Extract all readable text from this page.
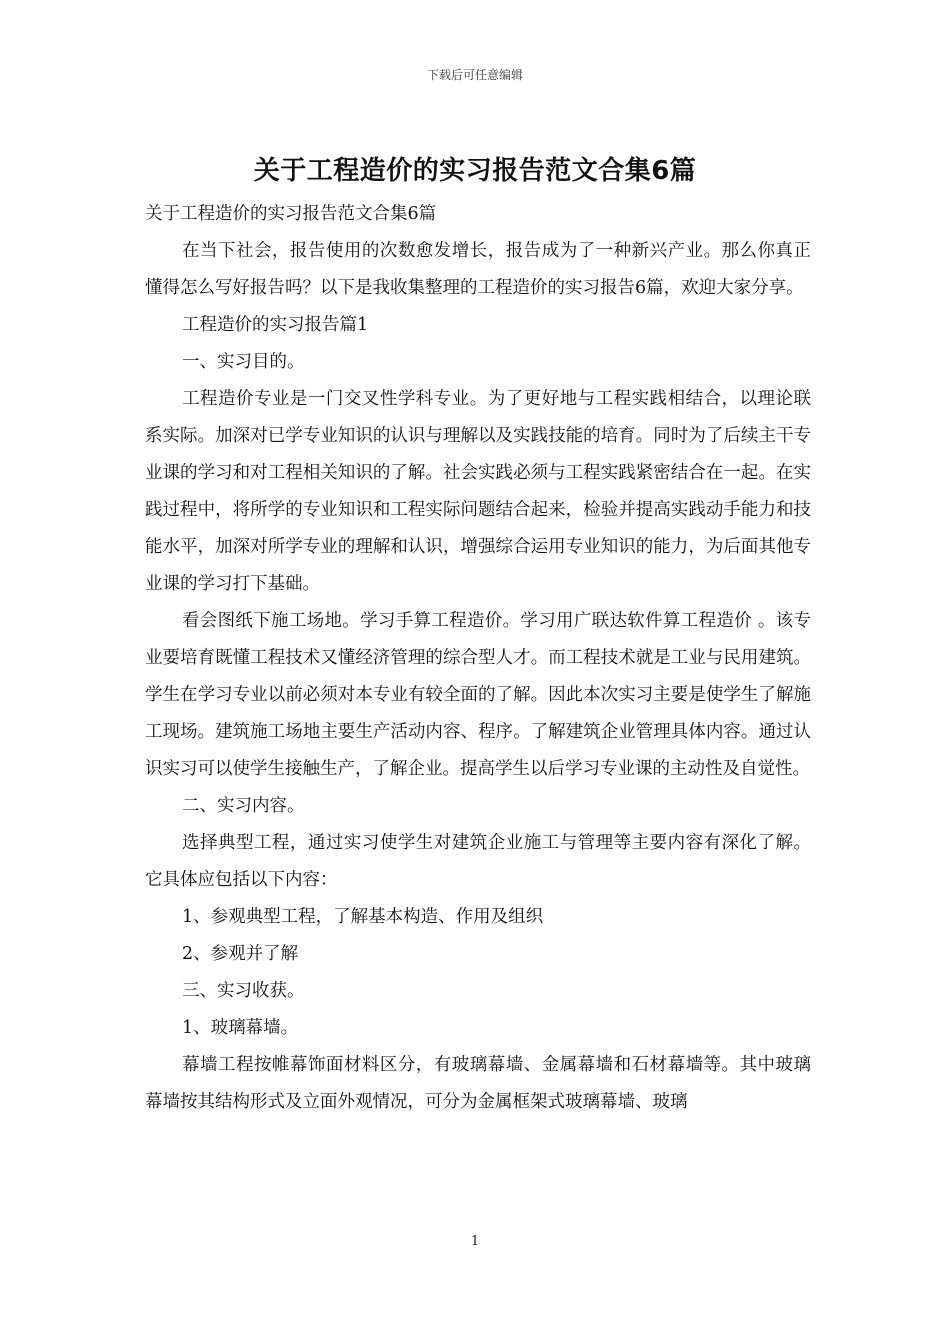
下载后可任意编辑
关于工程造价的实习报告范文合集6篇

关于工程造价的实习报告范文合集6篇

在当下社会，报告使用的次数愈发增长，报告成为了一种新兴产业。那么你真正懂得怎么写好报告吗？以下是我收集整理的工程造价的实习报告6篇，欢迎大家分享。

工程造价的实习报告篇1

一、实习目的。

工程造价专业是一门交叉性学科专业。为了更好地与工程实践相结合，以理论联系实际。加深对已学专业知识的认识与理解以及实践技能的培育。同时为了后续主干专业课的学习和对工程相关知识的了解。社会实践必须与工程实践紧密结合在一起。在实践过程中，将所学的专业知识和工程实际问题结合起来，检验并提高实践动手能力和技能水平，加深对所学专业的理解和认识，增强综合运用专业知识的能力，为后面其他专业课的学习打下基础。

看会图纸下施工场地。学习手算工程造价。学习用广联达软件算工程造价 。该专业要培育既懂工程技术又懂经济管理的综合型人才。而工程技术就是工业与民用建筑。学生在学习专业以前必须对本专业有较全面的了解。因此本次实习主要是使学生了解施工现场。建筑施工场地主要生产活动内容、程序。了解建筑企业管理具体内容。通过认识实习可以使学生接触生产，了解企业。提高学生以后学习专业课的主动性及自觉性。

二、实习内容。

选择典型工程，通过实习使学生对建筑企业施工与管理等主要内容有深化了解。它具体应包括以下内容：

1、参观典型工程，了解基本构造、作用及组织

2、参观并了解

三、实习收获。

1、玻璃幕墙。

幕墙工程按帷幕饰面材料区分，有玻璃幕墙、金属幕墙和石材幕墙等。其中玻璃幕墙按其结构形式及立面外观情况，可分为金属框架式玻璃幕墙、玻璃

1
